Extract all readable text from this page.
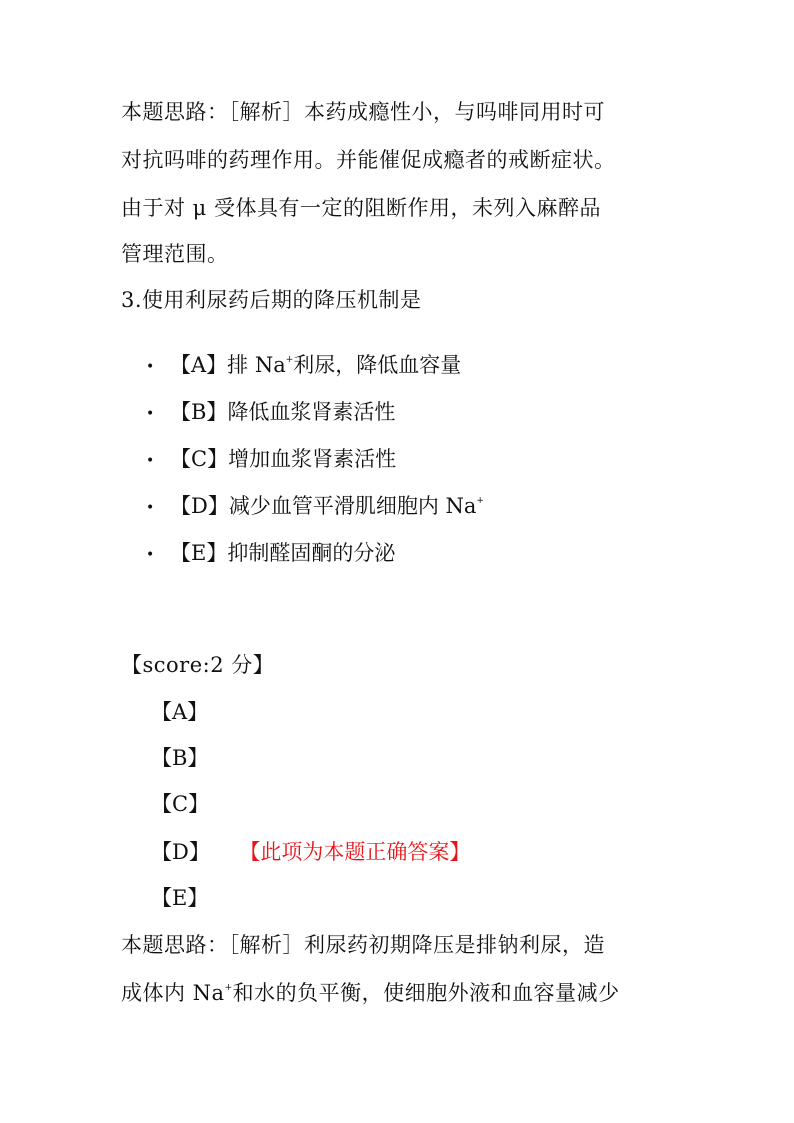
本题思路：［解析］本药成瘾性小，与吗啡同用时可
对抗吗啡的药理作用。并能催促成瘾者的戒断症状。
由于对 μ 受体具有一定的阻断作用，未列入麻醉品
管理范围。
3.使用利尿药后期的降压机制是
• 【A】排 Na+利尿，降低血容量
• 【B】降低血浆肾素活性
• 【C】增加血浆肾素活性
• 【D】减少血管平滑肌细胞内 Na+
• 【E】抑制醛固酮的分泌
【score:2 分】
【A】
【B】
【C】
【D】 【此项为本题正确答案】
【E】
本题思路：［解析］利尿药初期降压是排钠利尿，造
成体内 Na+和水的负平衡，使细胞外液和血容量减少
